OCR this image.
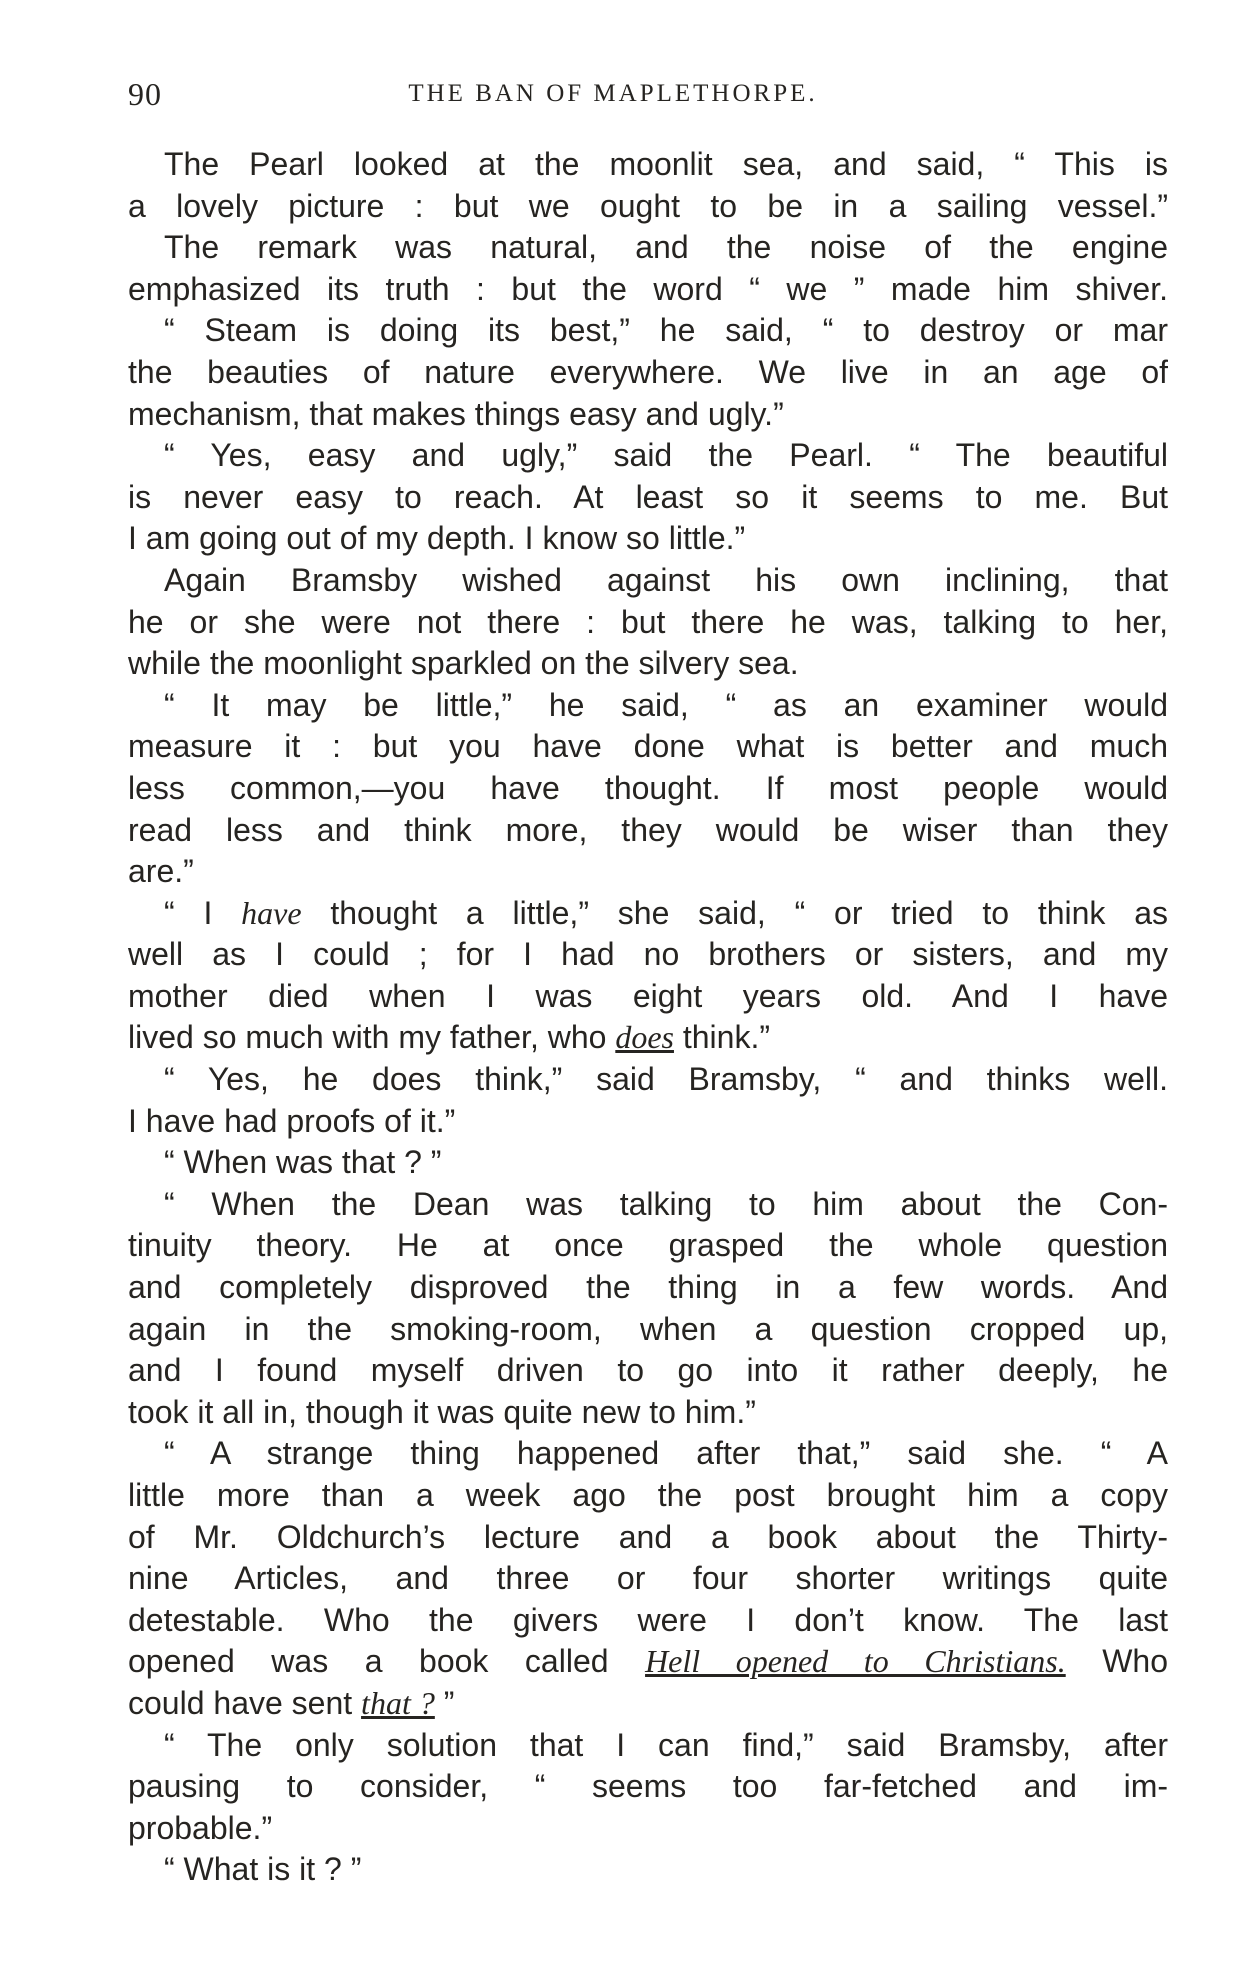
90	THE BAN OF MAPLETHORPE.
The Pearl looked at the moonlit sea, and said, “ This is
a lovely picture : but we ought to be in a sailing vessel.”
The remark was natural, and the noise of the engine
emphasized its truth : but the word “ we ” made him shiver.
“ Steam is doing its best,” he said, “ to destroy or mar
the beauties of nature everywhere. We live in an age of
mechanism, that makes things easy and ugly.”
“ Yes, easy and ugly,” said the Pearl. “ The beautiful
is never easy to reach. At least so it seems to me. But
I am going out of my depth. I know so little.”
Again Bramsby wished against his own inclining, that
he or she were not there : but there he was, talking to her,
while the moonlight sparkled on the silvery sea.
“ It may be little,” he said, “ as an examiner would
measure it : but you have done what is better and much
less common,—you have thought. If most people would
read less and think more, they would be wiser than they
are.”
“ I have thought a little,” she said, “ or tried to think as
well as I could ; for I had no brothers or sisters, and my
mother died when I was eight years old. And I have
lived so much with my father, who does think.”
“ Yes, he does think,” said Bramsby, “ and thinks well.
I have had proofs of it.”
“ When was that ? ”
“ When the Dean was talking to him about the Con-
tinuity theory. He at once grasped the whole question
and completely disproved the thing in a few words. And
again in the smoking-room, when a question cropped up,
and I found myself driven to go into it rather deeply, he
took it all in, though it was quite new to him.”
“ A strange thing happened after that,” said she. “ A
little more than a week ago the post brought him a copy
of Mr. Oldchurch’s lecture and a book about the Thirty-
nine Articles, and three or four shorter writings quite
detestable. Who the givers were I don’t know. The last
opened was a book called Hell opened to Christians. Who
could have sent that ? ”
“ The only solution that I can find,” said Bramsby, after
pausing to consider, “ seems too far-fetched and im-
probable.”
“ What is it ? ”
